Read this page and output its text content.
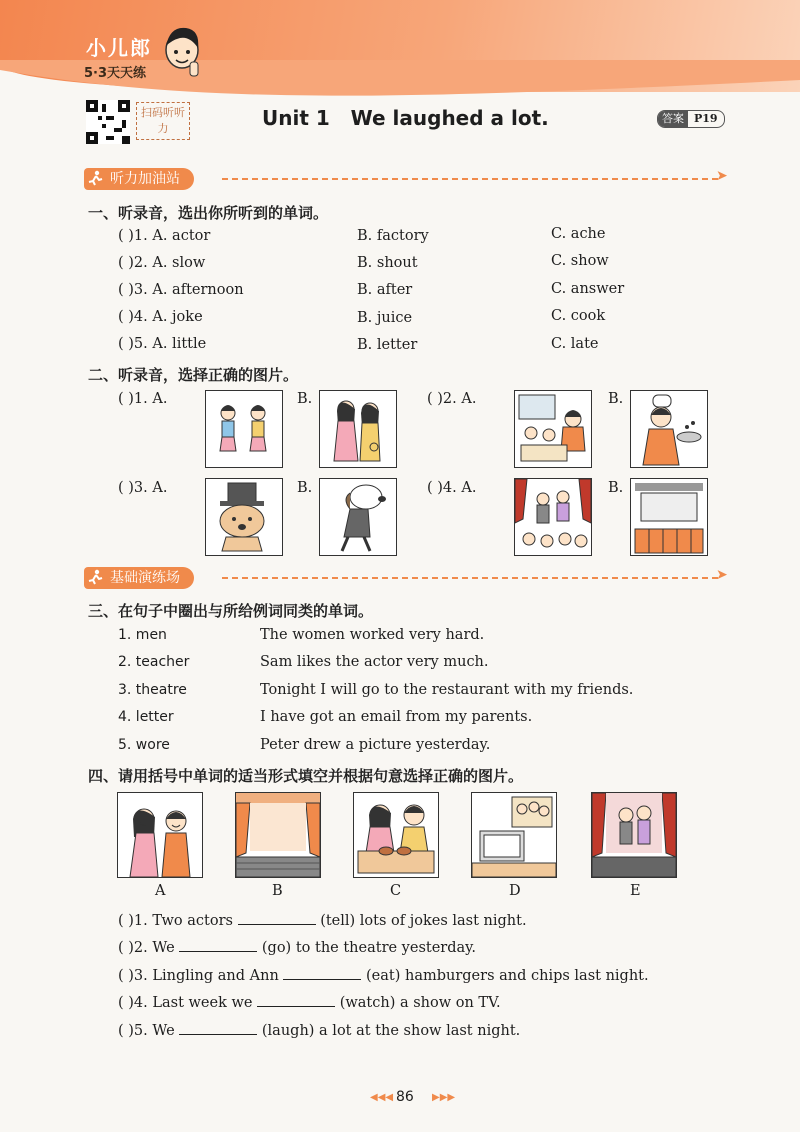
小儿郎
5·3天天练
扫码听听力	Unit 1   We laughed a lot.	答案 P19
听力加油站	➤
一、听录音，选出你所听到的单词。
( )1. A. actor	B. factory	C. ache
( )2. A. slow	B. shout	C. show
( )3. A. afternoon	B. after	C. answer
( )4. A. joke	B. juice	C. cook
( )5. A. little	B. letter	C. late
二、听录音，选择正确的图片。
( )1. A.	B.	( )2. A.	B.
( )3. A.	B.	( )4. A.	B.
基础演练场	➤
三、在句子中圈出与所给例词同类的单词。
1. men	The women worked very hard.
2. teacher	Sam likes the actor very much.
3. theatre	Tonight I will go to the restaurant with my friends.
4. letter	I have got an email from my parents.
5. wore	Peter drew a picture yesterday.
四、请用括号中单词的适当形式填空并根据句意选择正确的图片。
A	B	C	D	E
( )1. Two actors	(tell) lots of jokes last night.
( )2. We	(go) to the theatre yesterday.
( )3. Lingling and Ann	(eat) hamburgers and chips last night.
( )4. Last week we	(watch) a show on TV.
( )5. We	(laugh) a lot at the show last night.
◀◀◀ 86 ▶▶▶
